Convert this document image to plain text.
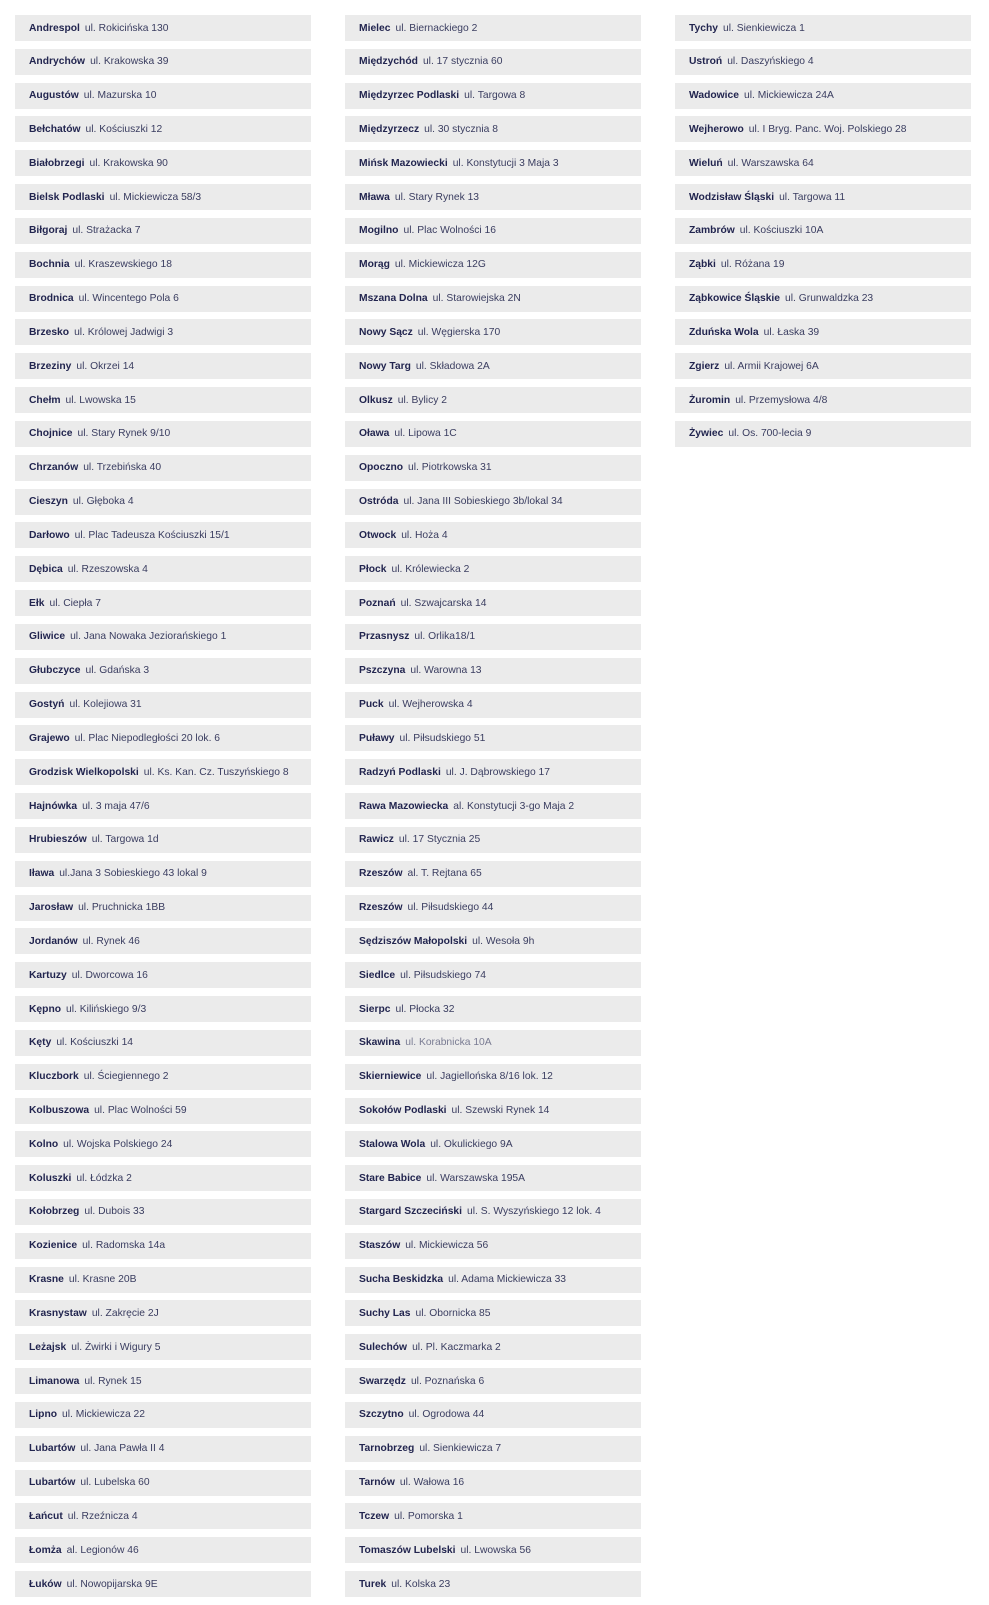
Andrespol ul. Rokicińska 130
Andrychów ul. Krakowska 39
Augustów ul. Mazurska 10
Bełchatów ul. Kościuszki 12
Białobrzegi ul. Krakowska 90
Bielsk Podlaski ul. Mickiewicza 58/3
Biłgoraj ul. Strażacka 7
Bochnia ul. Kraszewskiego 18
Brodnica ul. Wincentego Pola 6
Brzesko ul. Królowej Jadwigi 3
Brzeziny ul. Okrzei 14
Chełm ul. Lwowska 15
Chojnice ul. Stary Rynek 9/10
Chrzanów ul. Trzebińska 40
Cieszyn ul. Głęboka 4
Darłowo ul. Plac Tadeusza Kościuszki 15/1
Dębica ul. Rzeszowska 4
Ełk ul. Ciepła 7
Gliwice ul. Jana Nowaka Jeziorańskiego 1
Głubczyce ul. Gdańska 3
Gostyń ul. Kolejiowa 31
Grajewo ul. Plac Niepodległości 20 lok. 6
Grodzisk Wielkopolski ul. Ks. Kan. Cz. Tuszyńskiego 8
Hajnówka ul. 3 maja 47/6
Hrubieszów ul. Targowa 1d
Iława ul.Jana 3 Sobieskiego 43 lokal 9
Jarosław ul. Pruchnicka 1BB
Jordanów ul. Rynek 46
Kartuzy ul. Dworcowa 16
Kępno ul. Kilińskiego 9/3
Kęty ul. Kościuszki 14
Kluczbork ul. Ściegiennego 2
Kolbuszowa ul. Plac Wolności 59
Kolno ul. Wojska Polskiego 24
Koluszki ul. Łódzka 2
Kołobrzeg ul. Dubois 33
Kozienice ul. Radomska 14a
Krasne ul. Krasne 20B
Krasnystaw ul. Zakręcie 2J
Leżajsk ul. Żwirki i Wigury 5
Limanowa ul. Rynek 15
Lipno ul. Mickiewicza 22
Lubartów ul. Jana Pawła II 4
Lubartów ul. Lubelska 60
Łańcut ul. Rzeźnicza 4
Łomża al. Legionów 46
Łuków ul. Nowopijarska 9E
Mielec ul. Biernackiego 2
Międzychód ul. 17 stycznia 60
Międzyrzec Podlaski ul. Targowa 8
Międzyrzecz ul. 30 stycznia 8
Mińsk Mazowiecki ul. Konstytucji 3 Maja 3
Mława ul. Stary Rynek 13
Mogilno ul. Plac Wolności 16
Morąg ul. Mickiewicza 12G
Mszana Dolna ul. Starowiejska 2N
Nowy Sącz ul. Węgierska 170
Nowy Targ ul. Składowa 2A
Olkusz ul. Bylicy 2
Oława ul. Lipowa 1C
Opoczno ul. Piotrkowska 31
Ostróda ul. Jana III Sobieskiego 3b/lokal 34
Otwock ul. Hoża 4
Płock ul. Królewiecka 2
Poznań ul. Szwajcarska 14
Przasnysz ul. Orlika18/1
Pszczyna ul. Warowna 13
Puck ul. Wejherowska 4
Puławy ul. Piłsudskiego 51
Radzyń Podlaski ul. J. Dąbrowskiego 17
Rawa Mazowiecka al. Konstytucji 3-go Maja 2
Rawicz ul. 17 Stycznia 25
Rzeszów al. T. Rejtana 65
Rzeszów ul. Piłsudskiego 44
Sędziszów Małopolski ul. Wesoła 9h
Siedlce ul. Piłsudskiego 74
Sierpc ul. Płocka 32
Skawina ul. Korabnicka 10A
Skierniewice ul. Jagiellońska 8/16 lok. 12
Sokołów Podlaski ul. Szewski Rynek 14
Stalowa Wola ul. Okulickiego 9A
Stare Babice ul. Warszawska 195A
Stargard Szczeciński ul. S. Wyszyńskiego 12 lok. 4
Staszów ul. Mickiewicza 56
Sucha Beskidzka ul. Adama Mickiewicza 33
Suchy Las ul. Obornicka 85
Sulechów ul. Pl. Kaczmarka 2
Swarzędz ul. Poznańska 6
Szczytno ul. Ogrodowa 44
Tarnobrzeg ul. Sienkiewicza 7
Tarnów ul. Wałowa 16
Tczew ul. Pomorska 1
Tomaszów Lubelski ul. Lwowska 56
Turek ul. Kolska 23
Tychy ul. Sienkiewicza 1
Ustroń ul. Daszyńskiego 4
Wadowice ul. Mickiewicza 24A
Wejherowo ul. I Bryg. Panc. Woj. Polskiego 28
Wieluń ul. Warszawska 64
Wodzisław Śląski ul. Targowa 11
Zambrów ul. Kościuszki 10A
Ząbki ul. Różana 19
Ząbkowice Śląskie ul. Grunwaldzka 23
Zduńska Wola ul. Łaska 39
Zgierz ul. Armii Krajowej 6A
Żuromin ul. Przemysłowa 4/8
Żywiec ul. Os. 700-lecia 9
